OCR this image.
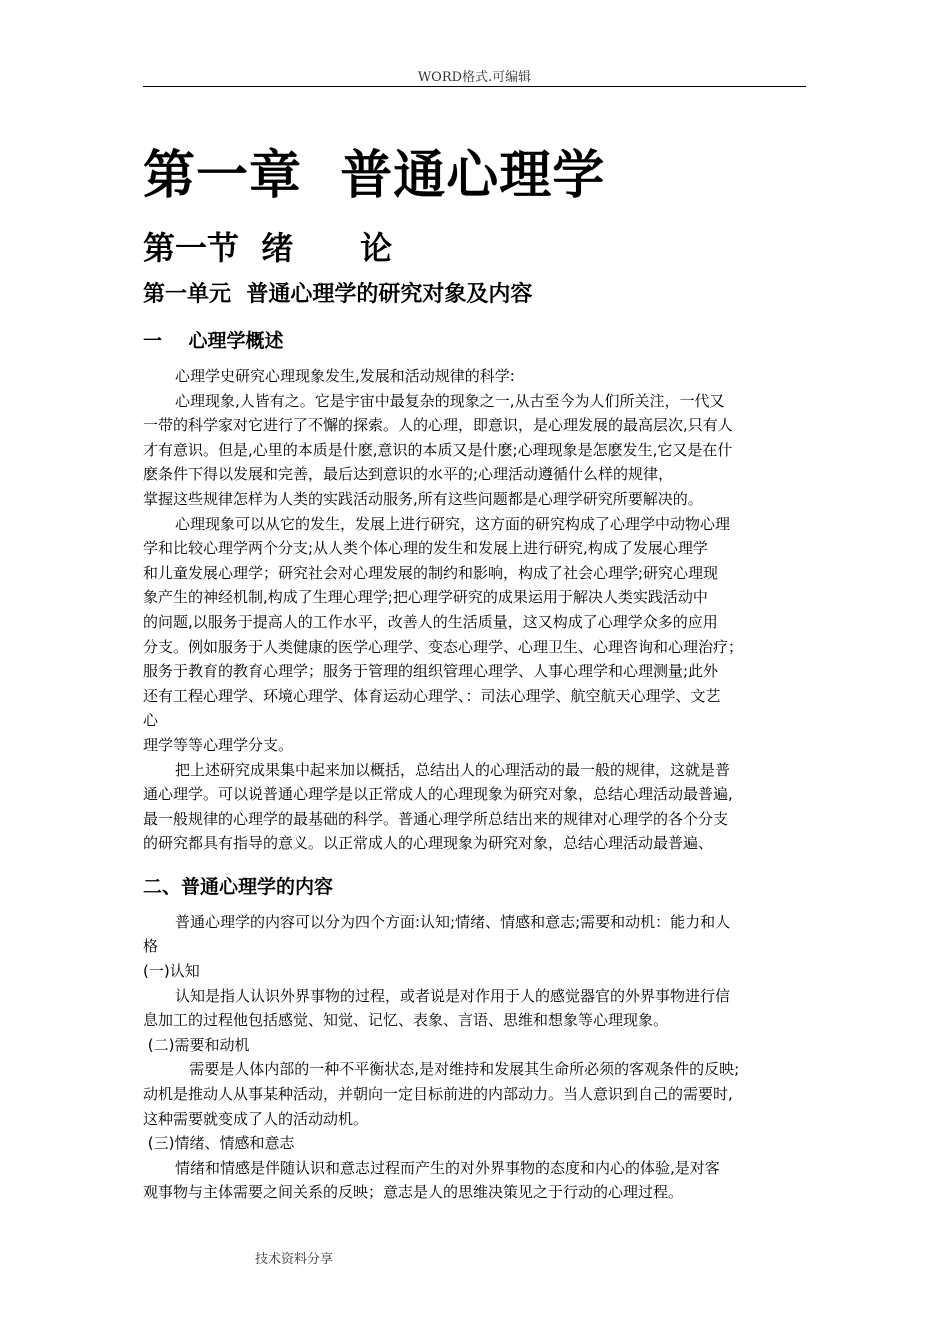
WORD格式.可编辑
第一章  普通心理学
第一节  绪      论
第一单元  普通心理学的研究对象及内容
一    心理学概述

心理学史研究心理现象发生,发展和活动规律的科学:

心理现象,人皆有之。它是宇宙中最复杂的现象之一,从古至今为人们所关注，一代又
一带的科学家对它进行了不懈的探索。人的心理，即意识，是心理发展的最高层次,只有人
才有意识。但是,心里的本质是什麽,意识的本质又是什麽;心理现象是怎麽发生,它又是在什
麽条件下得以发展和完善，最后达到意识的水平的;心理活动遵循什么样的规律，
掌握这些规律怎样为人类的实践活动服务,所有这些问题都是心理学研究所要解决的。

心理现象可以从它的发生，发展上进行研究，这方面的研究构成了心理学中动物心理
学和比较心理学两个分支;从人类个体心理的发生和发展上进行研究,构成了发展心理学
和儿童发展心理学；研究社会对心理发展的制约和影响，构成了社会心理学;研究心理现
象产生的神经机制,构成了生理心理学;把心理学研究的成果运用于解决人类实践活动中
的问题,以服务于提高人的工作水平，改善人的生活质量，这又构成了心理学众多的应用
分支。例如服务于人类健康的医学心理学、变态心理学、心理卫生、心理咨询和心理治疗；
服务于教育的教育心理学；服务于管理的组织管理心理学、人事心理学和心理测量;此外
还有工程心理学、环境心理学、体育运动心理学、：司法心理学、航空航天心理学、文艺
心
理学等等心理学分支。

把上述研究成果集中起来加以概括，总结出人的心理活动的最一般的规律，这就是普
通心理学。可以说普通心理学是以正常成人的心理现象为研究对象，总结心理活动最普遍,
最一般规律的心理学的最基础的科学。普通心理学所总结出来的规律对心理学的各个分支
的研究都具有指导的意义。以正常成人的心理现象为研究对象，总结心理活动最普遍、

二、普通心理学的内容

普通心理学的内容可以分为四个方面:认知;情绪、情感和意志;需要和动机：能力和人
格

(一)认知

认知是指人认识外界事物的过程，或者说是对作用于人的感觉器官的外界事物进行信
息加工的过程他包括感觉、知觉、记忆、表象、言语、思维和想象等心理现象。

(二)需要和动机

需要是人体内部的一种不平衡状态,是对维持和发展其生命所必须的客观条件的反映;
动机是推动人从事某种活动，并朝向一定目标前进的内部动力。当人意识到自己的需要时,
这种需要就变成了人的活动动机。

(三)情绪、情感和意志

情绪和情感是伴随认识和意志过程而产生的对外界事物的态度和内心的体验,是对客
观事物与主体需要之间关系的反映；意志是人的思维决策见之于行动的心理过程。

技术资料分享
